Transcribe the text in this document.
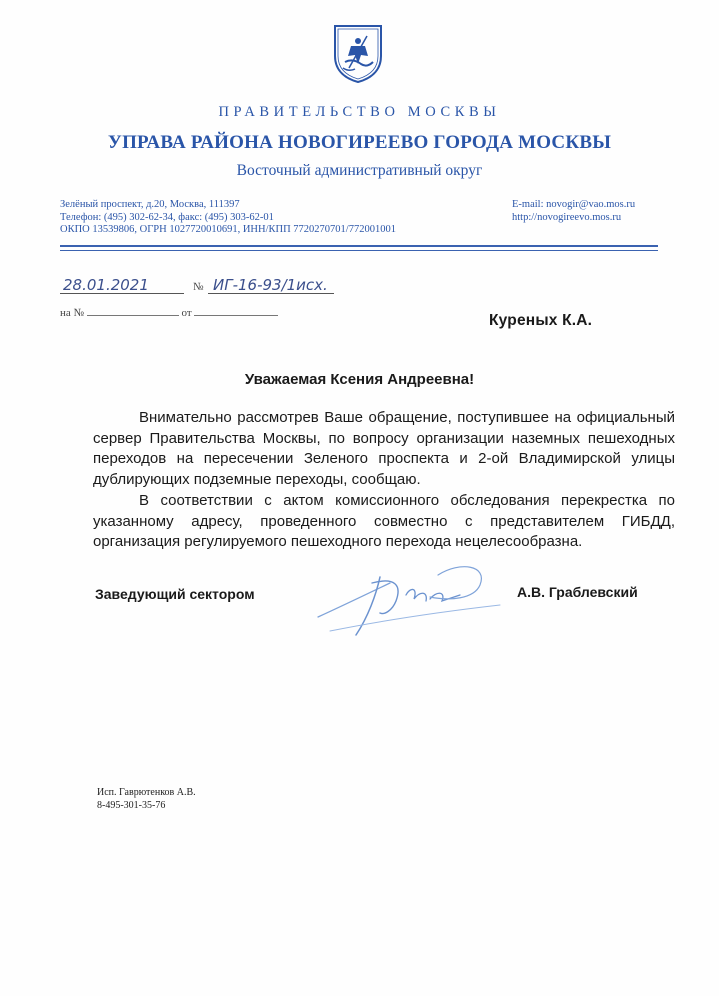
ПРАВИТЕЛЬСТВО МОСКВЫ
УПРАВА РАЙОНА НОВОГИРЕЕВО ГОРОДА МОСКВЫ
Восточный административный округ
Зелёный проспект, д.20, Москва, 111397
Телефон: (495) 302-62-34, факс: (495) 303-62-01
ОКПО 13539806, ОГРН 1027720010691, ИНН/КПП 7720270701/772001001
E-mail: novogir@vao.mos.ru
http://novogireevo.mos.ru
28.01.2021	№ ИГ-16-93/1исх.
на №	от	Куреных К.А.
Уважаемая Ксения Андреевна!

Внимательно рассмотрев Ваше обращение, поступившее на официальный сервер Правительства Москвы, по вопросу организации наземных пешеходных переходов на пересечении Зеленого проспекта и 2-ой Владимирской улицы дублирующих подземные переходы, сообщаю.

В соответствии с актом комиссионного обследования перекрестка по указанному адресу, проведенного совместно с представителем ГИБДД, организация регулируемого пешеходного перехода нецелесообразна.

Заведующий сектором	А.В. Граблевский
Исп. Гаврютенков А.В.
8-495-301-35-76
